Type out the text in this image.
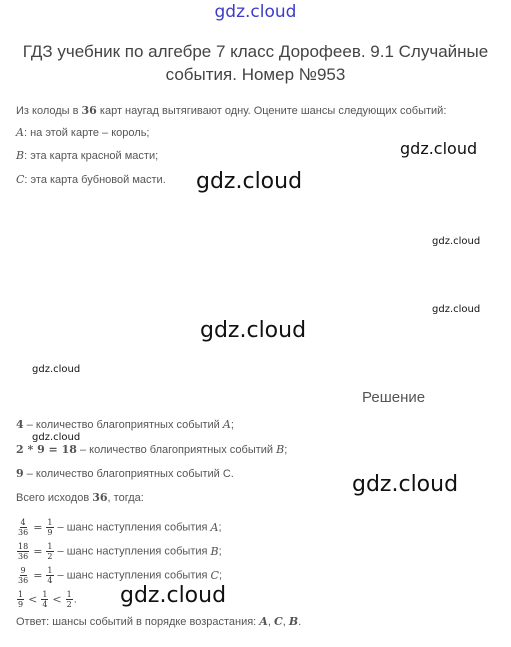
gdz.cloud
ГДЗ учебник по алгебре 7 класс Дорофеев. 9.1 Случайные события. Номер №953
Из колоды в 36 карт наугад вытягивают одну. Оцените шансы следующих событий:
A: на этой карте – король;
B: эта карта красной масти;
C: эта карта бубновой масти.
gdz.cloud
gdz.cloud
gdz.cloud
gdz.cloud
gdz.cloud
gdz.cloud
gdz.cloud
gdz.cloud
gdz.cloud
Решение
4 – количество благоприятных событий A;
2 * 9 = 18 – количество благоприятных событий B;
9 – количество благоприятных событий С.
Всего исходов 36, тогда:
$\frac{4}{36} = \frac{1}{9}$ – шанс наступления события A;
$\frac{18}{36} = \frac{1}{2}$ – шанс наступления события B;
$\frac{9}{36} = \frac{1}{4}$ – шанс наступления события C;
$\frac{1}{9} < \frac{1}{4} < \frac{1}{2}$ .
Ответ: шансы событий в порядке возрастания: A, C, B.
